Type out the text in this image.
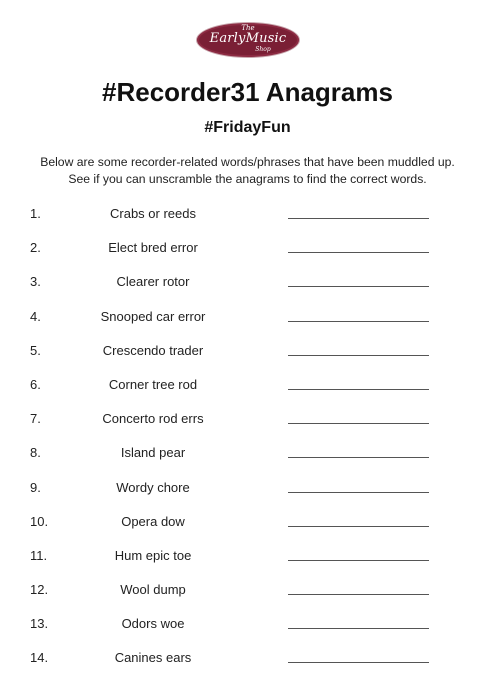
The
EarlyMusic
Shop
#Recorder31 Anagrams
#FridayFun
Below are some recorder-related words/phrases that have been muddled up. See if you can unscramble the anagrams to find the correct words.
1.	Crabs or reeds
2.	Elect bred error
3.	Clearer rotor
4.	Snooped car error
5.	Crescendo trader
6.	Corner tree rod
7.	Concerto rod errs
8.	Island pear
9.	Wordy chore
10.	Opera dow
11.	Hum epic toe
12.	Wool dump
13.	Odors woe
14.	Canines ears
